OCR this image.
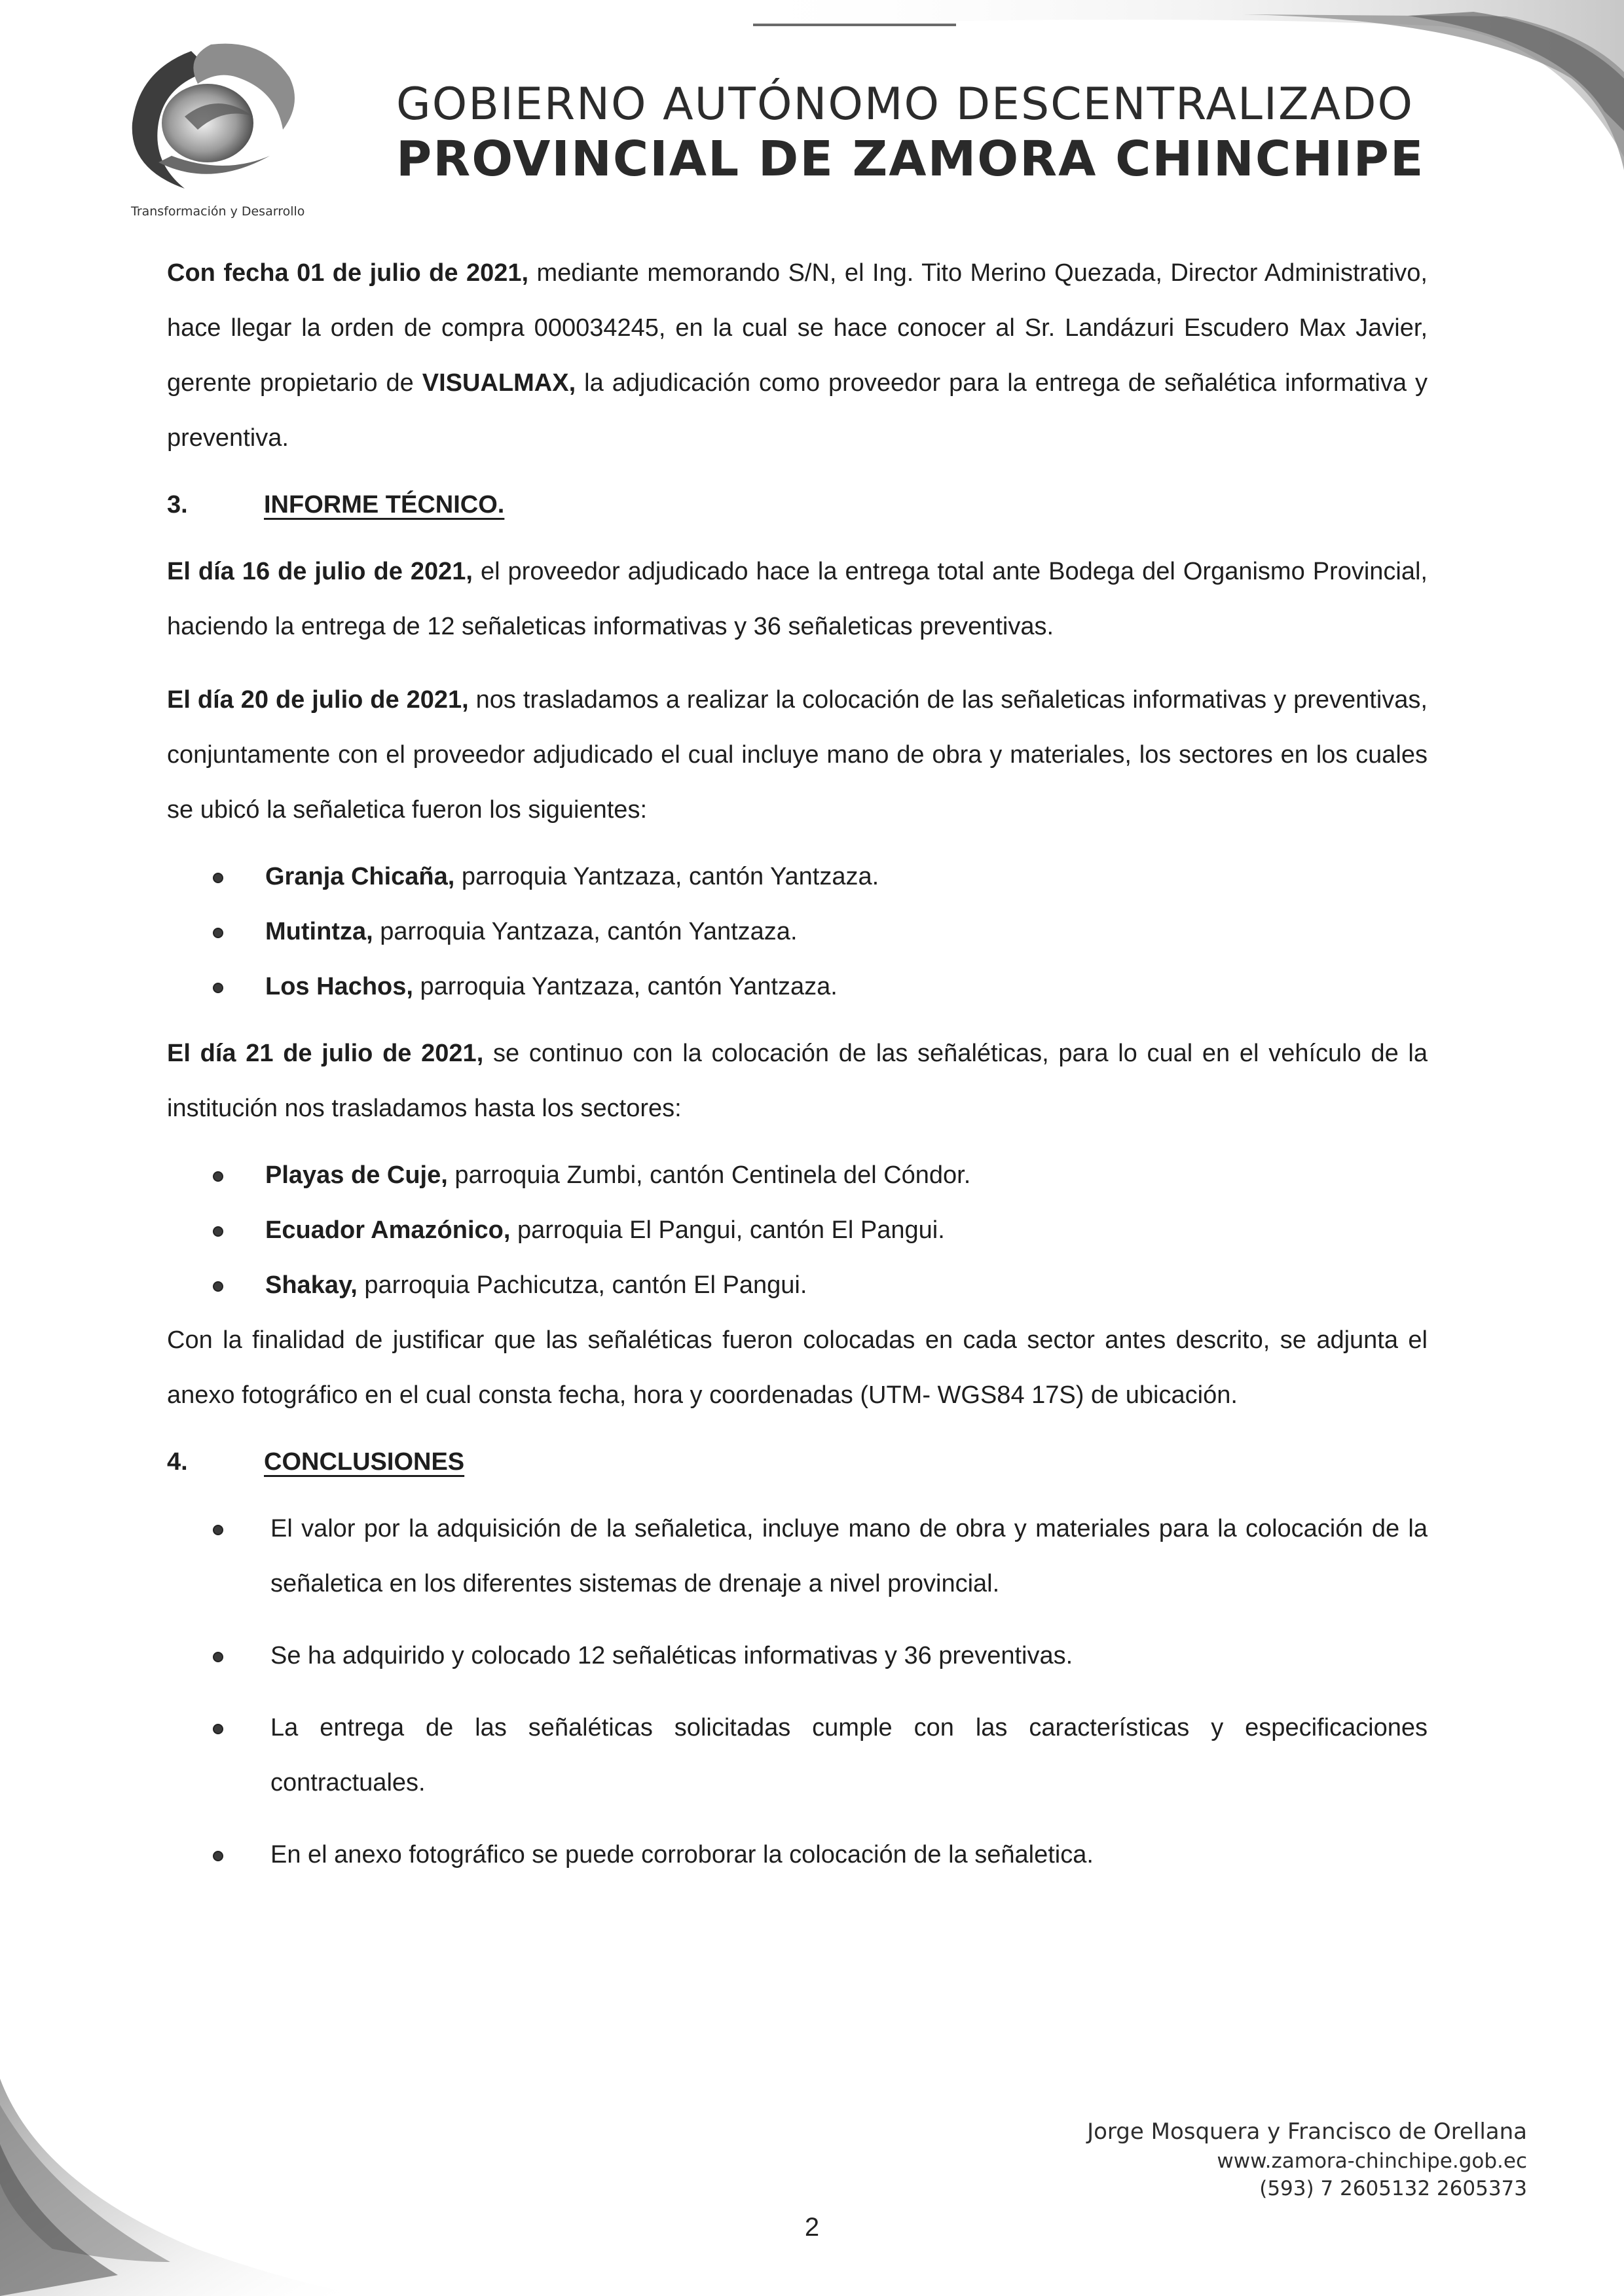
Transformación y Desarrollo
GOBIERNO AUTÓNOMO DESCENTRALIZADO
PROVINCIAL DE ZAMORA CHINCHIPE

Con fecha 01 de julio de 2021, mediante memorando S/N, el Ing. Tito Merino Quezada, Director Administrativo, hace llegar la orden de compra 000034245, en la cual se hace conocer al Sr. Landázuri Escudero Max Javier, gerente propietario de VISUALMAX, la adjudicación como proveedor para la entrega de señalética informativa y preventiva.

3.	INFORME TÉCNICO.

El día 16 de julio de 2021, el proveedor adjudicado hace la entrega total ante Bodega del Organismo Provincial, haciendo la entrega de 12 señaleticas informativas y 36 señaleticas preventivas.

El día 20 de julio de 2021, nos trasladamos a realizar la colocación de las señaleticas informativas y preventivas, conjuntamente con el proveedor adjudicado el cual incluye mano de obra y materiales, los sectores en los cuales se ubicó la señaletica fueron los siguientes:

Granja Chicaña, parroquia Yantzaza, cantón Yantzaza.
Mutintza, parroquia Yantzaza, cantón Yantzaza.
Los Hachos, parroquia Yantzaza, cantón Yantzaza.

El día 21 de julio de 2021, se continuo con la colocación de las señaléticas, para lo cual en el vehículo de la institución nos trasladamos hasta los sectores:

Playas de Cuje, parroquia Zumbi, cantón Centinela del Cóndor.
Ecuador Amazónico, parroquia El Pangui, cantón El Pangui.
Shakay, parroquia Pachicutza, cantón El Pangui.

Con la finalidad de justificar que las señaléticas fueron colocadas en cada sector antes descrito, se adjunta el anexo fotográfico en el cual consta fecha, hora y coordenadas (UTM- WGS84 17S) de ubicación.

4.	CONCLUSIONES
El valor por la adquisición de la señaletica, incluye mano de obra y materiales para la colocación de la señaletica en los diferentes sistemas de drenaje a nivel provincial.
Se ha adquirido y colocado 12 señaléticas informativas y 36 preventivas.
La entrega de las señaléticas solicitadas cumple con las características y especificaciones contractuales.
En el anexo fotográfico se puede corroborar la colocación de la señaletica.
Jorge Mosquera y Francisco de Orellana
www.zamora-chinchipe.gob.ec
(593) 7 2605132 2605373
2
